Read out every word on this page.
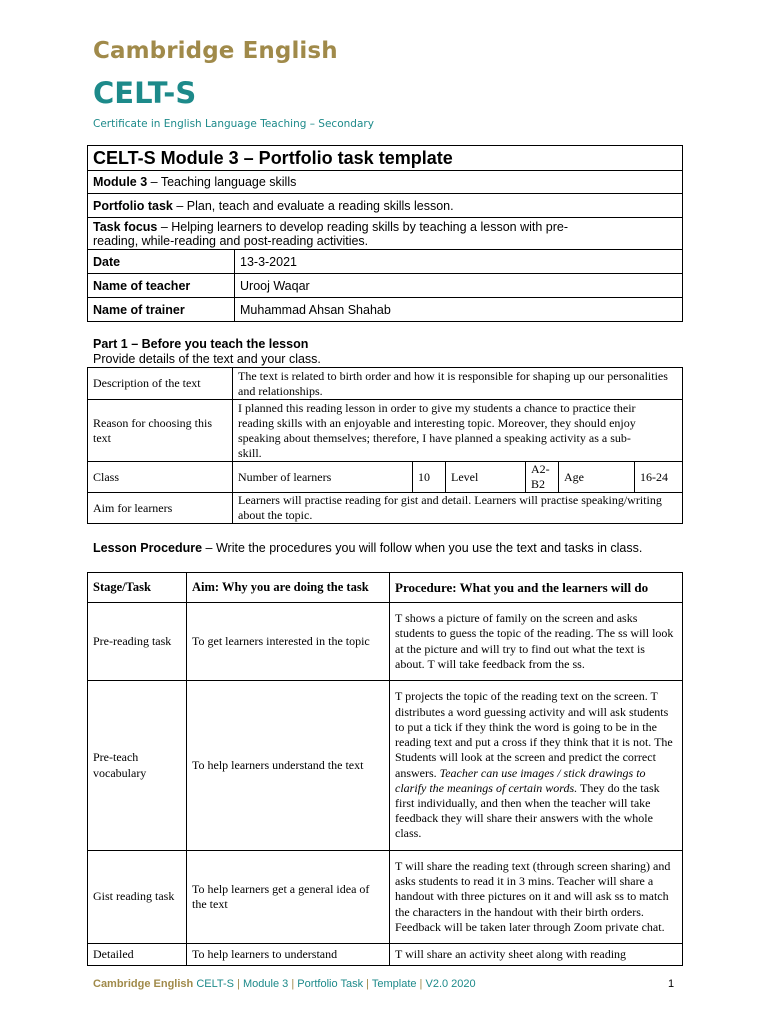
Cambridge English
CELT-S
Certificate in English Language Teaching – Secondary
CELT-S Module 3 – Portfolio task template	
Module 3 – Teaching language skills	
Portfolio task – Plan, teach and evaluate a reading skills lesson.	
Task focus – Helping learners to develop reading skills by teaching a lesson with pre-reading, while-reading and post-reading activities.	
Date	13-3-2021
Name of teacher	Urooj Waqar
Name of trainer	Muhammad Ahsan Shahab
Part 1 – Before you teach the lesson
Provide details of the text and your class.
Description of the text	The text is related to birth order and how it is responsible for shaping up our personalities and relationships.					
Reason for choosing this text	I planned this reading lesson in order to give my students a chance to practice their reading skills with an enjoyable and interesting topic. Moreover, they should enjoy speaking about themselves; therefore, I have planned a speaking activity as a sub-skill.					
Class	Number of learners	10	Level	A2-B2	Age	16-24
Aim for learners	Learners will practise reading for gist and detail. Learners will practise speaking/writing about the topic.					
Lesson Procedure – Write the procedures you will follow when you use the text and tasks in class.
Stage/Task	Aim: Why you are doing the task	Procedure: What you and the learners will do
Pre-reading task	To get learners interested in the topic	T shows a picture of family on the screen and asks students to guess the topic of the reading. The ss will look at the picture and will try to find out what the text is about. T will take feedback from the ss.
Pre-teach vocabulary	To help learners understand the text	T projects the topic of the reading text on the screen. T distributes a word guessing activity and will ask students to put a tick if they think the word is going to be in the reading text and put a cross if they think that it is not. The Students will look at the screen and predict the correct answers. Teacher can use images / stick drawings to clarify the meanings of certain words. They do the task first individually, and then when the teacher will take feedback they will share their answers with the whole class.
Gist reading task	To help learners get a general idea of the text	T will share the reading text (through screen sharing) and asks students to read it in 3 mins. Teacher will share a handout with three pictures on it and will ask ss to match the characters in the handout with their birth orders. Feedback will be taken later through Zoom private chat.
Detailed	To help learners to understand	T will share an activity sheet along with reading
Cambridge English CELT-S | Module 3 | Portfolio Task | Template | V2.0 2020	1
